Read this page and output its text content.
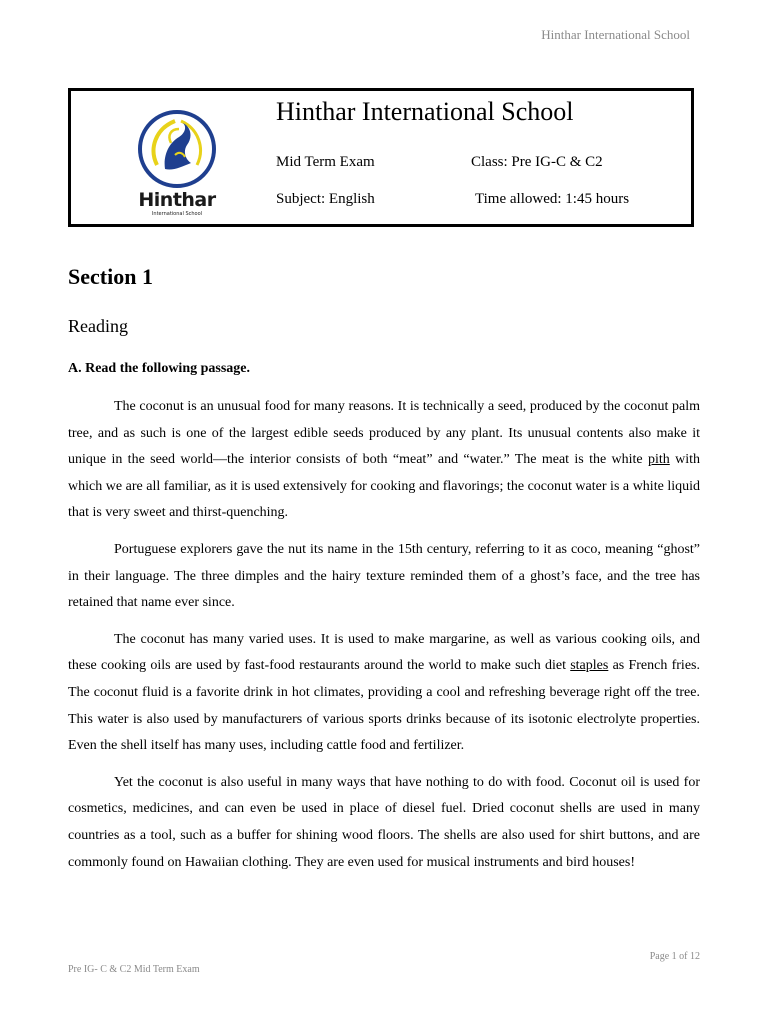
Hinthar International School
Hinthar
International School
Hinthar International School
Mid Term Exam	Class: Pre IG-C & C2
Subject: English	Time allowed: 1:45 hours
Section 1
Reading
A. Read the following passage.

The coconut is an unusual food for many reasons. It is technically a seed, produced by the coconut palm tree, and as such is one of the largest edible seeds produced by any plant. Its unusual contents also make it unique in the seed world—the interior consists of both “meat” and “water.” The meat is the white pith with which we are all familiar, as it is used extensively for cooking and flavorings; the coconut water is a white liquid that is very sweet and thirst-quenching.

Portuguese explorers gave the nut its name in the 15th century, referring to it as coco, meaning “ghost” in their language. The three dimples and the hairy texture reminded them of a ghost’s face, and the tree has retained that name ever since.

The coconut has many varied uses. It is used to make margarine, as well as various cooking oils, and these cooking oils are used by fast-food restaurants around the world to make such diet staples as French fries. The coconut fluid is a favorite drink in hot climates, providing a cool and refreshing beverage right off the tree. This water is also used by manufacturers of various sports drinks because of its isotonic electrolyte properties. Even the shell itself has many uses, including cattle food and fertilizer.

Yet the coconut is also useful in many ways that have nothing to do with food. Coconut oil is used for cosmetics, medicines, and can even be used in place of diesel fuel. Dried coconut shells are used in many countries as a tool, such as a buffer for shining wood floors. The shells are also used for shirt buttons, and are commonly found on Hawaiian clothing. They are even used for musical instruments and bird houses!

Page 1 of 12
Pre IG- C & C2 Mid Term Exam
